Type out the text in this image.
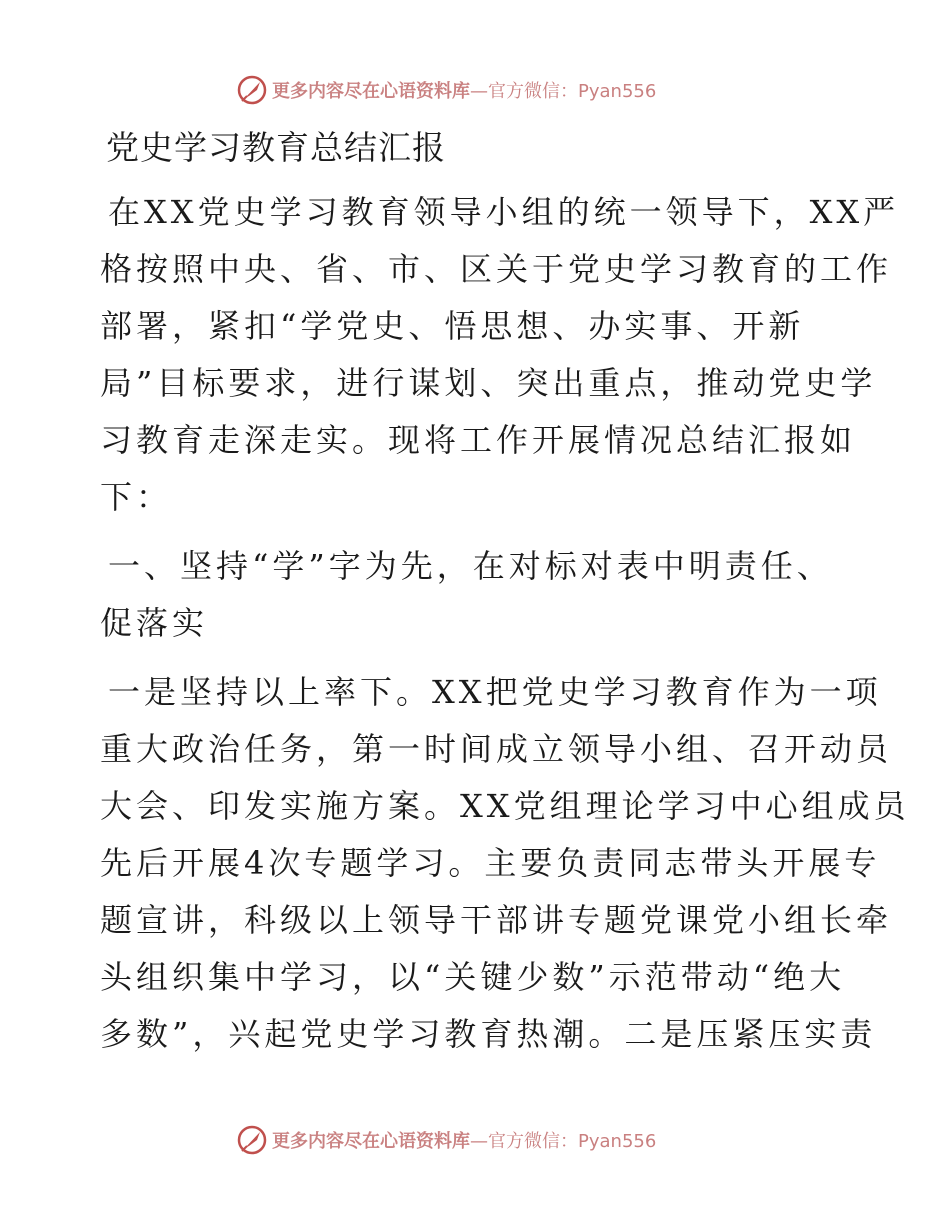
更多内容尽在心语资料库 —官方微信：Pyan556
党史学习教育总结汇报

在XX党史学习教育领导小组的统一领导下，XX严
格按照中央、省、市、区关于党史学习教育的工作
部署，紧扣“学党史、悟思想、办实事、开新
局”目标要求，进行谋划、突出重点，推动党史学
习教育走深走实。现将工作开展情况总结汇报如
下：

一、坚持“学”字为先，在对标对表中明责任、
促落实

一是坚持以上率下。XX把党史学习教育作为一项
重大政治任务，第一时间成立领导小组、召开动员
大会、印发实施方案。XX党组理论学习中心组成员
先后开展4次专题学习。主要负责同志带头开展专
题宣讲，科级以上领导干部讲专题党课党小组长牵
头组织集中学习，以“关键少数”示范带动“绝大
多数”，兴起党史学习教育热潮。二是压紧压实责

更多内容尽在心语资料库 —官方微信：Pyan556
